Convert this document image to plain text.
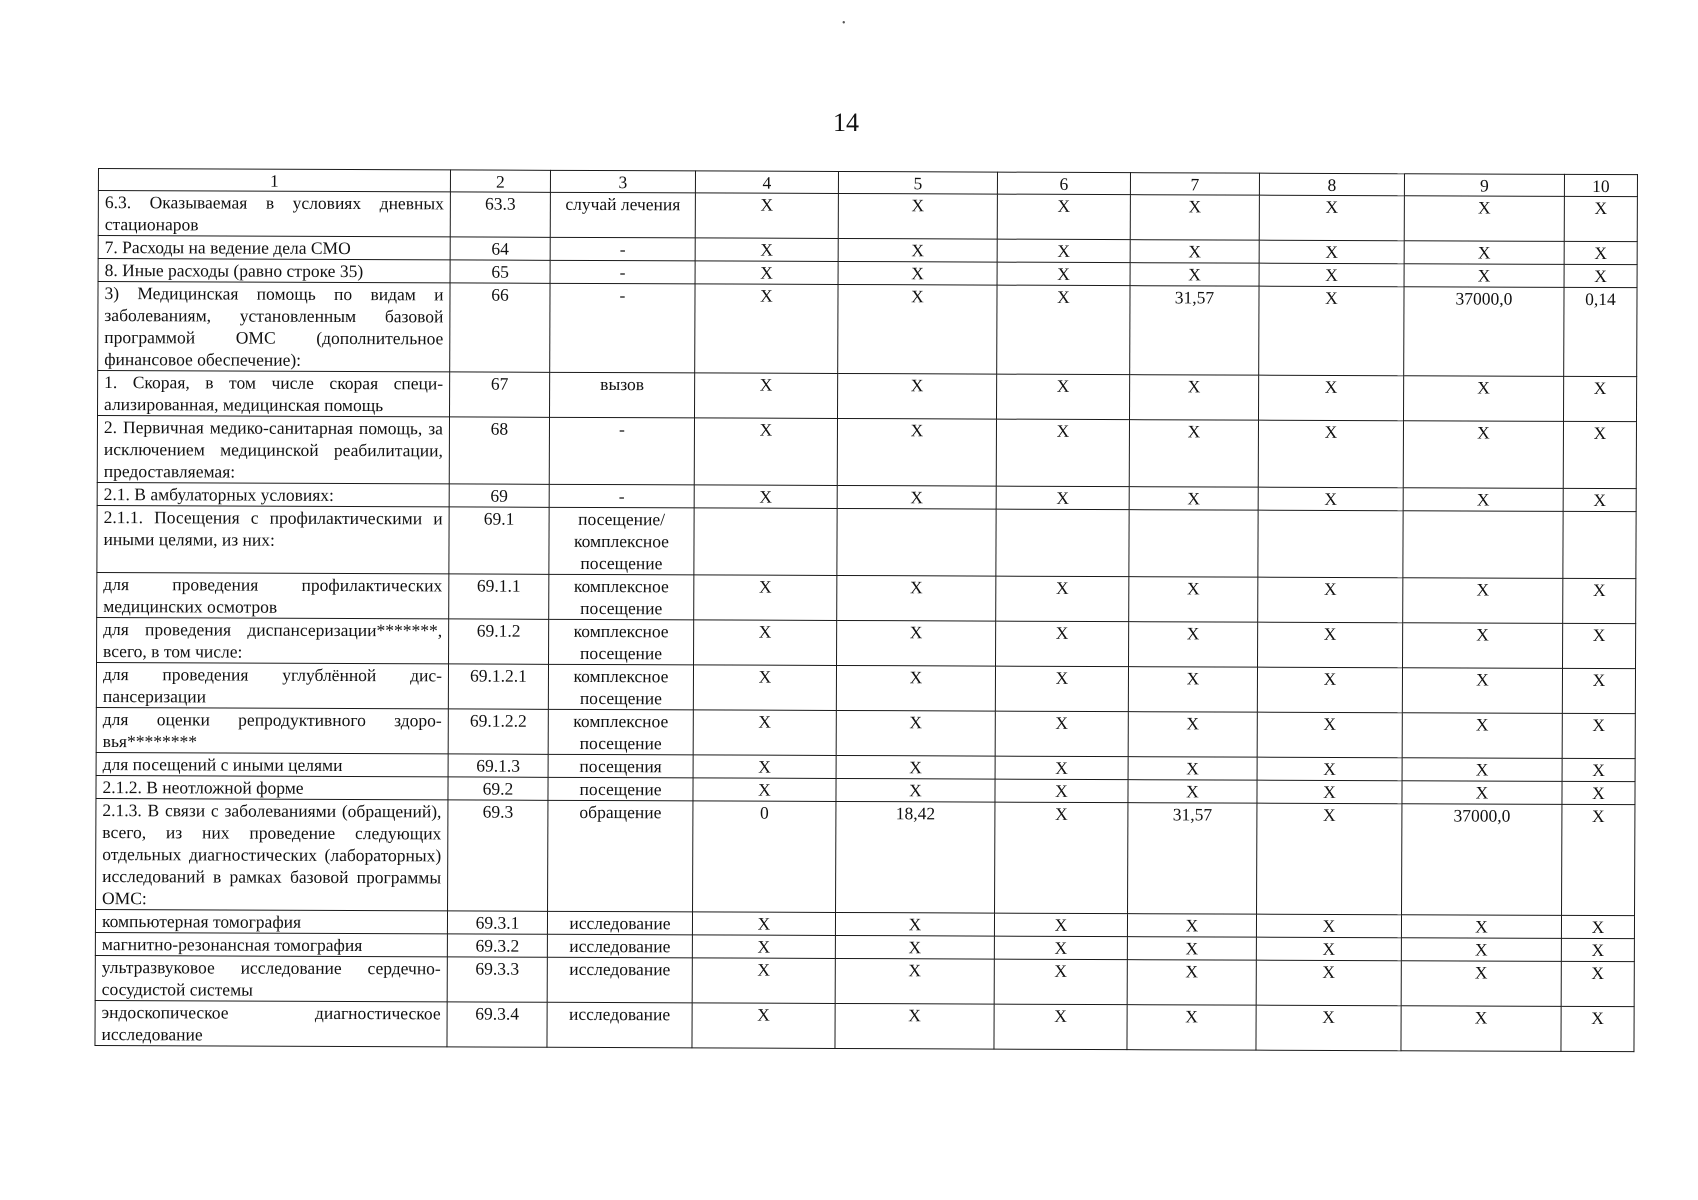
•
14
1	2	3	4	5	6	7	8	9	10
6.3. Оказываемая в условиях дневных стационаров	63.3	случай лечения	X	X	X	X	X	X	X
7. Расходы на ведение дела СМО	64	-	X	X	X	X	X	X	X
8. Иные расходы (равно строке 35)	65	-	X	X	X	X	X	X	X
3) Медицинская помощь по видам и заболеваниям, установленным базовой программой ОМС (дополнительное финансовое обеспечение):	66	-	X	X	X	31,57	X	37000,0	0,14
1. Скорая, в том числе скорая специализированная, медицинская помощь	67	вызов	X	X	X	X	X	X	X
2. Первичная медико-санитарная помощь, за исключением медицинской реабилитации, предоставляемая:	68	-	X	X	X	X	X	X	X
2.1. В амбулаторных условиях:	69	-	X	X	X	X	X	X	X
2.1.1. Посещения с профилактическими и иными целями, из них:	69.1	посещение/ комплексное посещение							
для проведения профилактических медицинских осмотров	69.1.1	комплексное посещение	X	X	X	X	X	X	X
для проведения диспансеризации*******, всего, в том числе:	69.1.2	комплексное посещение	X	X	X	X	X	X	X
для проведения углублённой диспансеризации	69.1.2.1	комплексное посещение	X	X	X	X	X	X	X
для оценки репродуктивного здоровья********	69.1.2.2	комплексное посещение	X	X	X	X	X	X	X
для посещений с иными целями	69.1.3	посещения	X	X	X	X	X	X	X
2.1.2. В неотложной форме	69.2	посещение	X	X	X	X	X	X	X
2.1.3. В связи с заболеваниями (обращений), всего, из них проведение следующих отдельных диагностических (лабораторных) исследований в рамках базовой программы ОМС:	69.3	обращение	0	18,42	X	31,57	X	37000,0	X
компьютерная томография	69.3.1	исследование	X	X	X	X	X	X	X
магнитно-резонансная томография	69.3.2	исследование	X	X	X	X	X	X	X
ультразвуковое исследование сердечно-сосудистой системы	69.3.3	исследование	X	X	X	X	X	X	X
эндоскопическое диагностическое исследование	69.3.4	исследование	X	X	X	X	X	X	X
